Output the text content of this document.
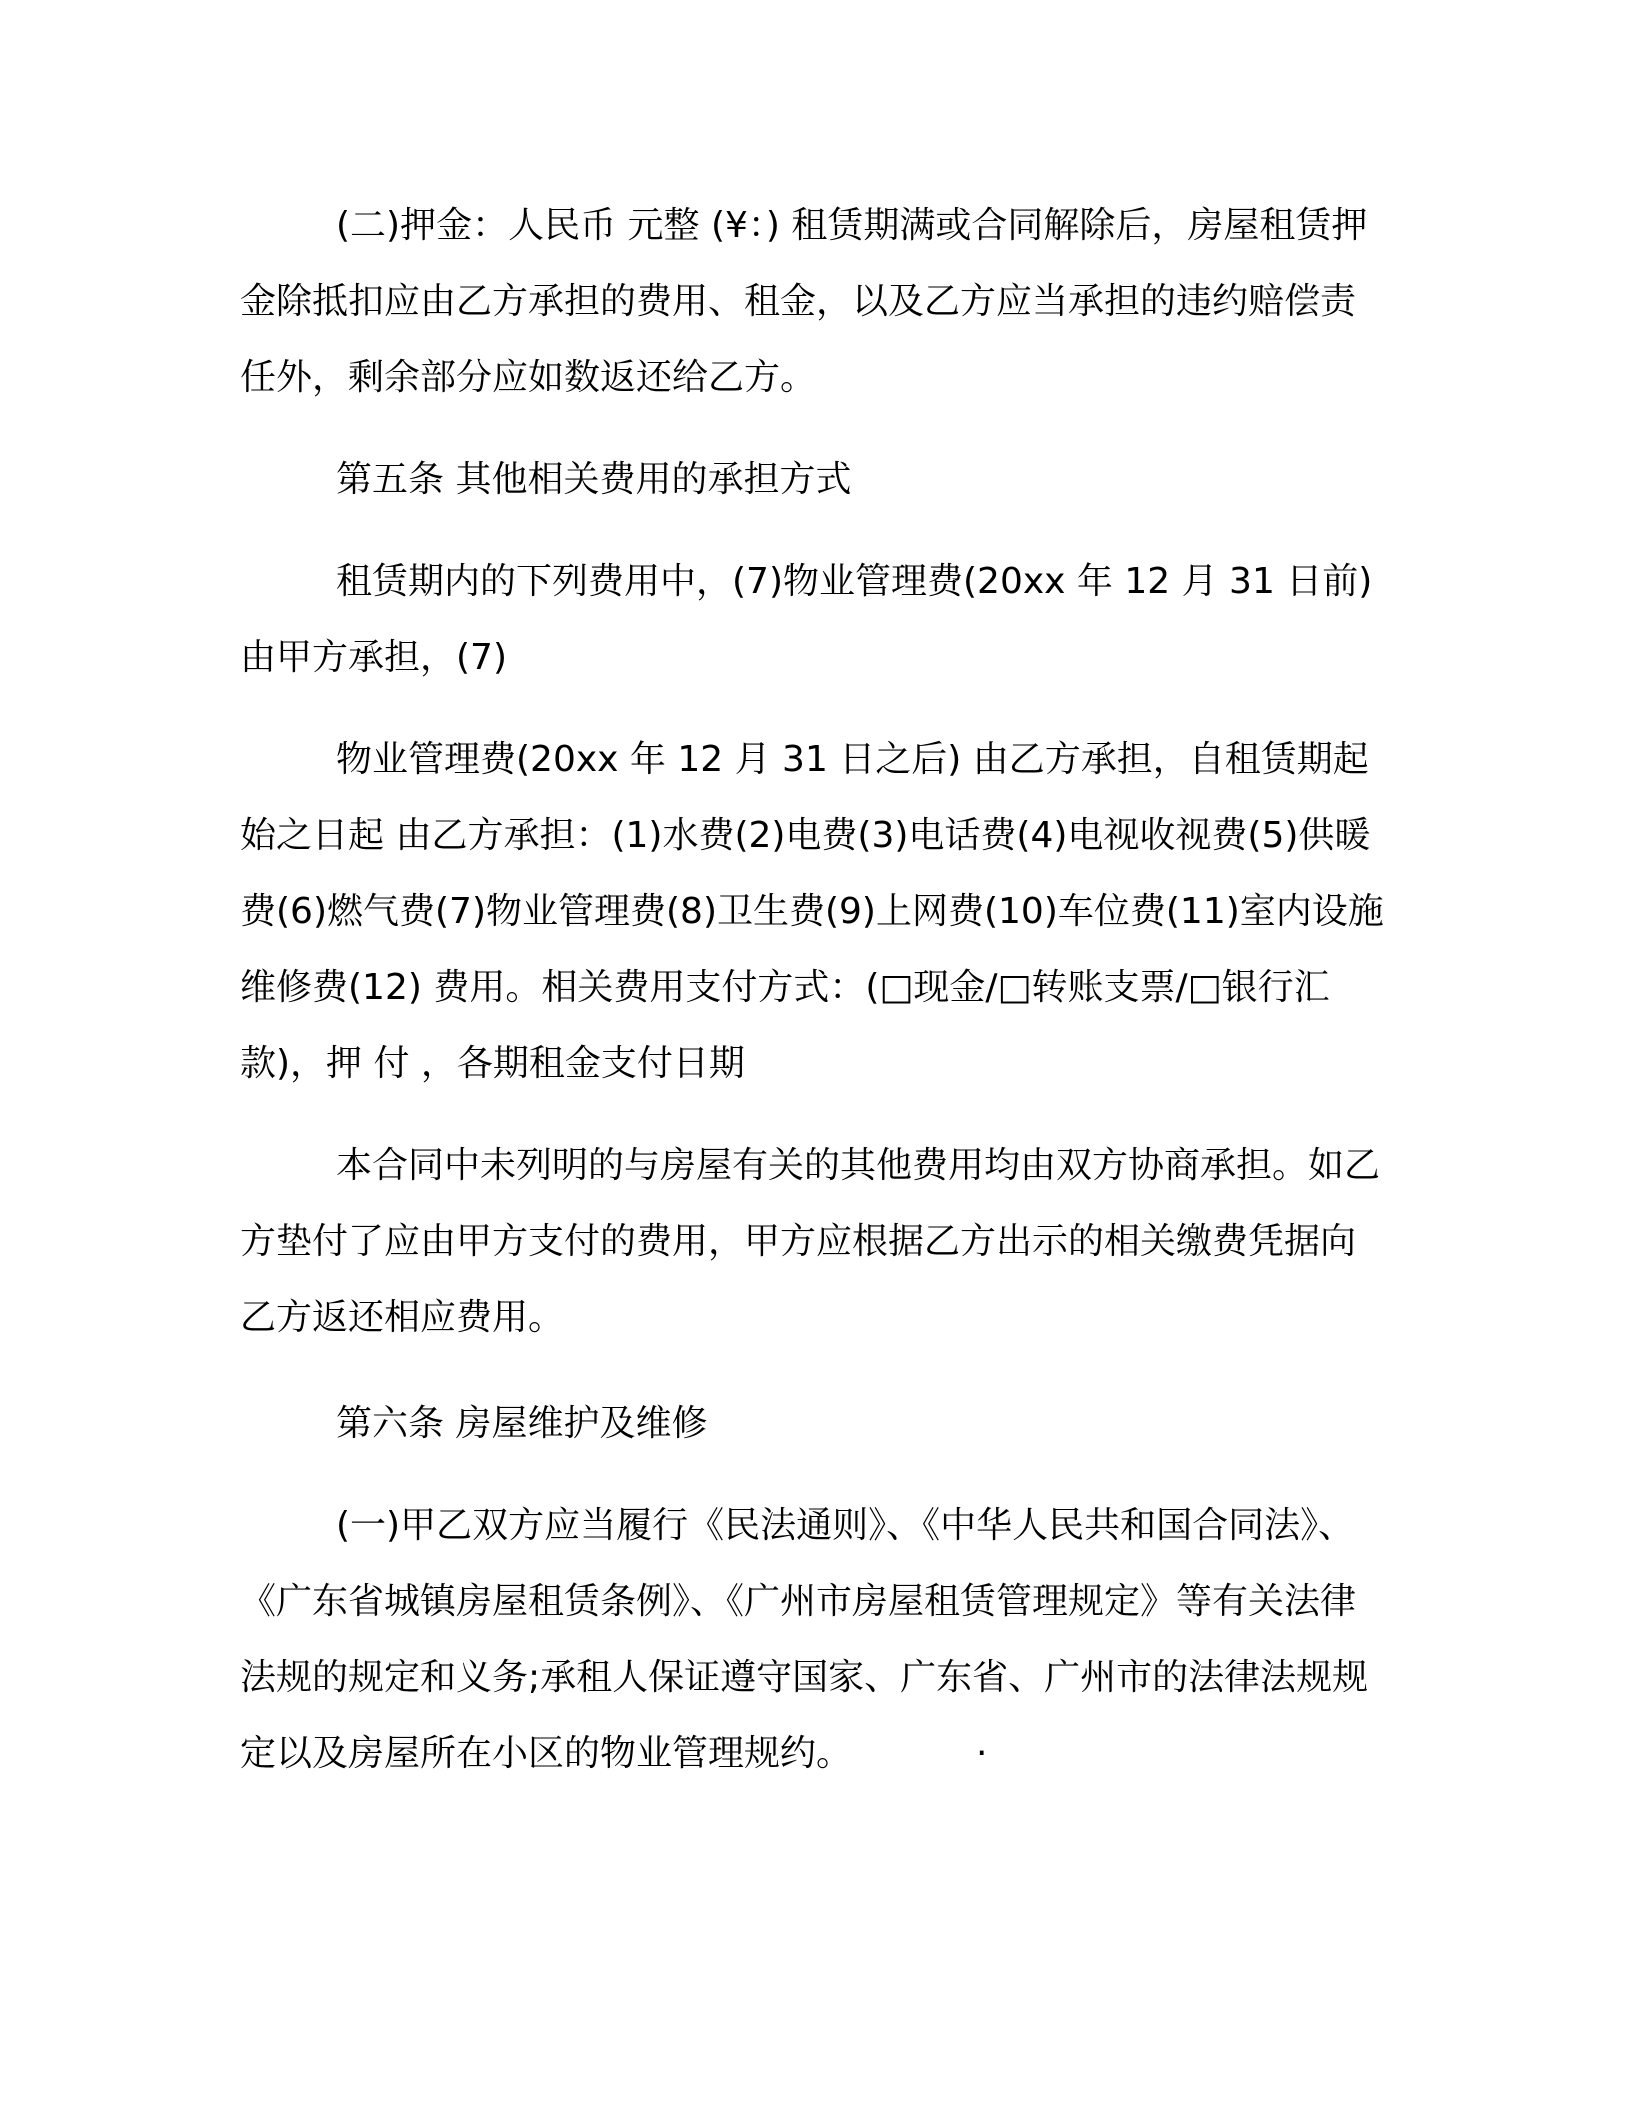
(二)押金：人民币 元整 (¥：) 租赁期满或合同解除后，房屋租赁押金除抵扣应由乙方承担的费用、租金，以及乙方应当承担的违约赔偿责任外，剩余部分应如数返还给乙方。

第五条 其他相关费用的承担方式

租赁期内的下列费用中，(7)物业管理费(20xx 年 12 月 31 日前) 由甲方承担，(7)

物业管理费(20xx 年 12 月 31 日之后) 由乙方承担，自租赁期起始之日起 由乙方承担：(1)水费(2)电费(3)电话费(4)电视收视费(5)供暖费(6)燃气费(7)物业管理费(8)卫生费(9)上网费(10)车位费(11)室内设施维修费(12) 费用。相关费用支付方式：(□现金/□转账支票/□银行汇款)，押 付 ，各期租金支付日期

本合同中未列明的与房屋有关的其他费用均由双方协商承担。如乙方垫付了应由甲方支付的费用，甲方应根据乙方出示的相关缴费凭据向乙方返还相应费用。

第六条 房屋维护及维修

(一)甲乙双方应当履行《民法通则》、《中华人民共和国合同法》、《广东省城镇房屋租赁条例》、《广州市房屋租赁管理规定》等有关法律法规的规定和义务;承租人保证遵守国家、广东省、广州市的法律法规规定以及房屋所在小区的物业管理规约。	·
